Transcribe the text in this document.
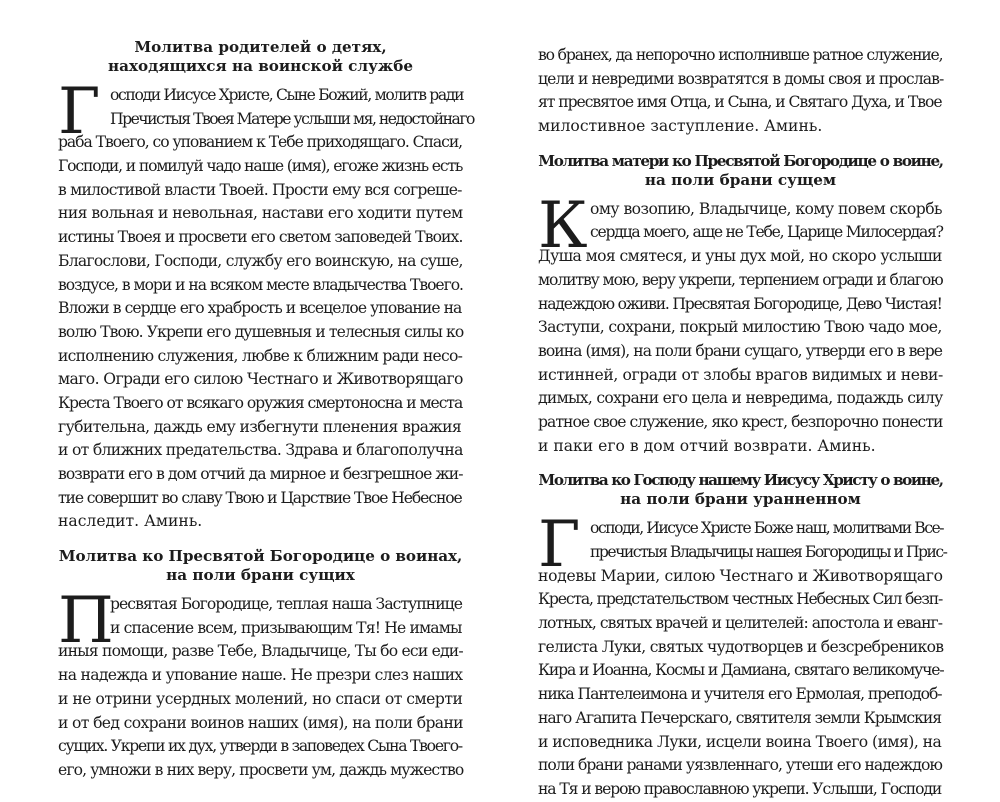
Молитва родителей о детях,
находящихся на воинской службе
Г осподи Иисусе Христе, Сыне Божий, молитв ради
Пречистыя Твоея Матере услыши мя, недостойнаго
раба Твоего, со упованием к Тебе приходящаго. Спаси,
Господи, и помилуй чадо наше (имя), егоже жизнь есть
в милостивой власти Твоей. Прости ему вся согреше-
ния вольная и невольная, настави его ходити путем
истины Твоея и просвети его светом заповедей Твоих.
Благослови, Господи, службу его воинскую, на суше,
воздусе, в мори и на всяком месте владычества Твоего.
Вложи в сердце его храбрость и всецелое упование на
волю Твою. Укрепи его душевныя и телесныя силы ко
исполнению служения, любве к ближним ради несо-
маго. Огради его силою Честнаго и Животворящаго
Креста Твоего от всякаго оружия смертоносна и места
губительна, даждь ему избегнути пленения вражия
и от ближних предательства. Здрава и благополучна
возврати его в дом отчий да мирное и безгрешное жи-
тие совершит во славу Твою и Царствие Твое Небесное
наследит. Аминь.
Молитва ко Пресвятой Богородице о воинах,
на поли брани сущих
П
ресвятая Богородице, теплая наша Заступнице
и спасение всем, призывающим Тя! Не имамы
иныя помощи, разве Тебе, Владычице, Ты бо еси еди-
на надежда и упование наше. Не презри слез наших
и не отрини усердных молений, но спаси от смерти
и от бед сохрани воинов наших (имя), на поли брани
сущих. Укрепи их дух, утверди в заповедех Сына Твоего-
его, умножи в них веру, просвети ум, даждь мужество
во бранех, да непорочно исполнивше ратное служение,
цели и невредими возвратятся в домы своя и прослав-
ят пресвятое имя Отца, и Сына, и Святаго Духа, и Твое
милостивное заступление. Аминь.
Молитва матери ко Пресвятой Богородице о воине,
на поли брани сущем
К ому возопию, Владычице, кому повем скорбь
сердца моего, аще не Тебе, Царице Милосердая?
Душа моя смятеся, и уны дух мой, но скоро услыши
молитву мою, веру укрепи, терпением огради и благою
надеждою оживи. Пресвятая Богородице, Дево Чистая!
Заступи, сохрани, покрый милостию Твою чадо мое,
воина (имя), на поли брани сущаго, утверди его в вере
истинней, огради от злобы врагов видимых и неви-
димых, сохрани его цела и невредима, подаждь силу
ратное свое служение, яко крест, безпорочно понести
и паки его в дом отчий возврати. Аминь.
Молитва ко Господу нашему Иисусу Христу о воине,
на поли брани уранненном
Г осподи, Иисусе Христе Боже наш, молитвами Все-
пречистыя Владычицы нашея Богородицы и Прис-
нодевы Марии, силою Честнаго и Животворящаго
Креста, предстательством честных Небесных Сил безп-
лотных, святых врачей и целителей: апостола и еванг-
гелиста Луки, святых чудотворцев и безсребреников
Кира и Иоанна, Космы и Дамиана, святаго великомуче-
ника Пантелеимона и учителя его Ермолая, преподоб-
наго Агапита Печерскаго, святителя земли Крымския
и исповедника Луки, исцели воина Твоего (имя), на
поли брани ранами уязвленнаго, утеши его надеждою
на Тя и верою православною укрепи. Услыши, Господи
